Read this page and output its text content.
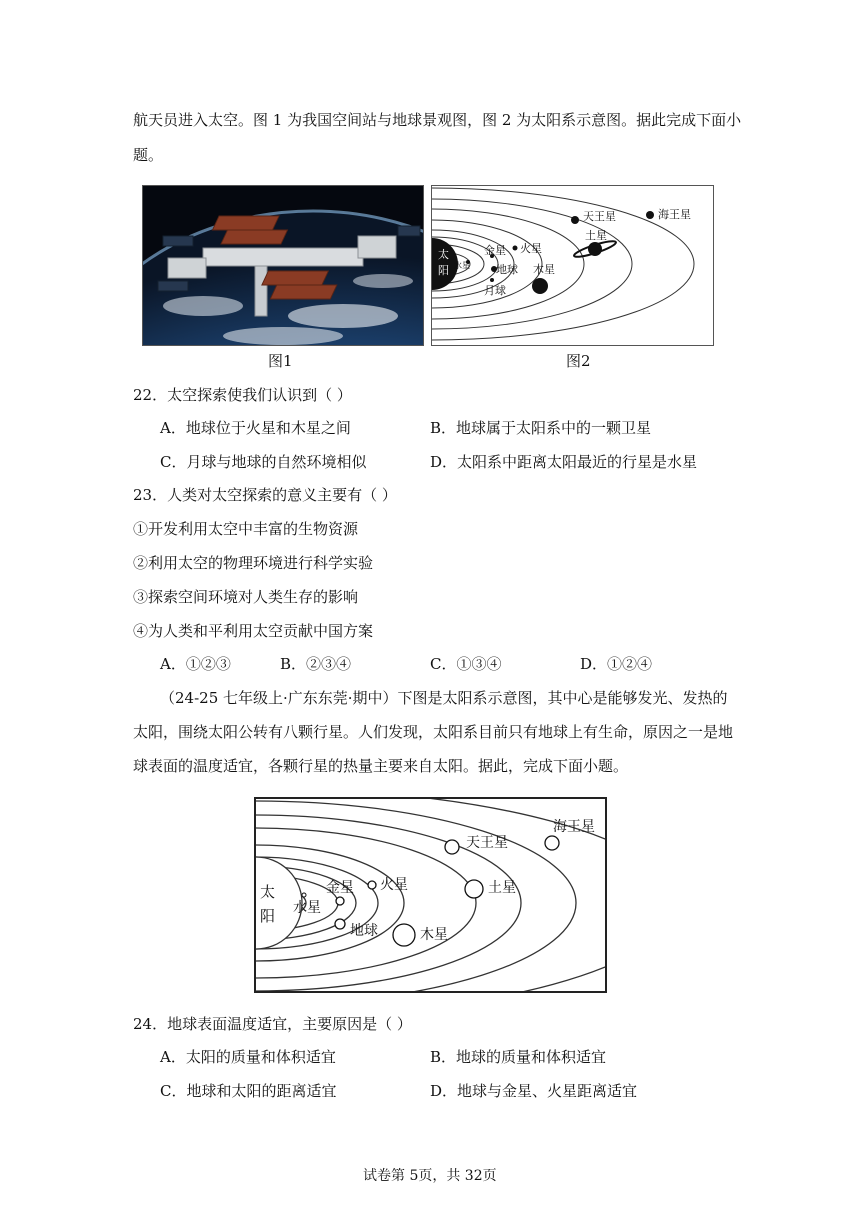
航天员进入太空。图 1 为我国空间站与地球景观图，图 2 为太阳系示意图。据此完成下面小
题。
图1
太
阳 水星
金星 火星
地球
月球
木星
土星
天王星	海王星
图2
22．太空探索使我们认识到（ ）
A．地球位于火星和木星之间	B．地球属于太阳系中的一颗卫星
C．月球与地球的自然环境相似	D．太阳系中距离太阳最近的行星是水星
23．人类对太空探索的意义主要有（ ）
①开发利用太空中丰富的生物资源
②利用太空的物理环境进行科学实验
③探索空间环境对人类生存的影响
④为人类和平利用太空贡献中国方案
A．①②③	B．②③④	C．①③④	D．①②④
（24-25 七年级上·广东东莞·期中）下图是太阳系示意图，其中心是能够发光、发热的
太阳，围绕太阳公转有八颗行星。人们发现，太阳系目前只有地球上有生命，原因之一是地
球表面的温度适宜，各颗行星的热量主要来自太阳。据此，完成下面小题。
太
阳 水星
金星
地球
火星
木星
土星
天王星
海王星
24．地球表面温度适宜，主要原因是（ ）
A．太阳的质量和体积适宜	B．地球的质量和体积适宜
C．地球和太阳的距离适宜	D．地球与金星、火星距离适宜
试卷第 5页，共 32页
